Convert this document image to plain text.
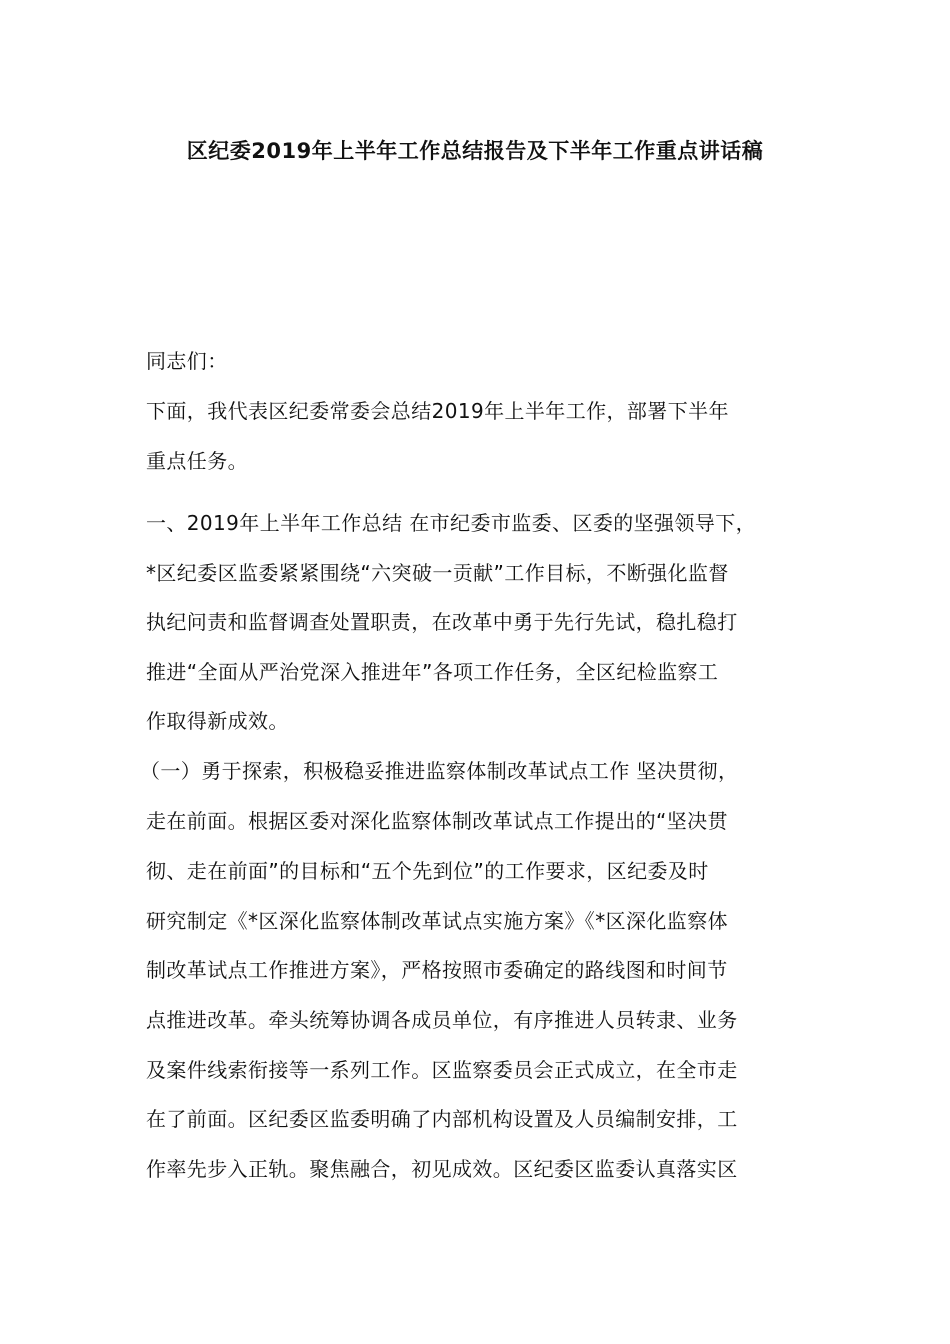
区纪委2019年上半年工作总结报告及下半年工作重点讲话稿
同志们：
下面，我代表区纪委常委会总结2019年上半年工作，部署下半年
重点任务。
一、2019年上半年工作总结 在市纪委市监委、区委的坚强领导下，
*区纪委区监委紧紧围绕“六突破一贡献”工作目标，不断强化监督
执纪问责和监督调查处置职责，在改革中勇于先行先试，稳扎稳打
推进“全面从严治党深入推进年”各项工作任务，全区纪检监察工
作取得新成效。
（一）勇于探索，积极稳妥推进监察体制改革试点工作 坚决贯彻，
走在前面。根据区委对深化监察体制改革试点工作提出的“坚决贯
彻、走在前面”的目标和“五个先到位”的工作要求，区纪委及时
研究制定《*区深化监察体制改革试点实施方案》《*区深化监察体
制改革试点工作推进方案》，严格按照市委确定的路线图和时间节
点推进改革。牵头统筹协调各成员单位，有序推进人员转隶、业务
及案件线索衔接等一系列工作。区监察委员会正式成立，在全市走
在了前面。区纪委区监委明确了内部机构设置及人员编制安排，工
作率先步入正轨。聚焦融合，初见成效。区纪委区监委认真落实区
